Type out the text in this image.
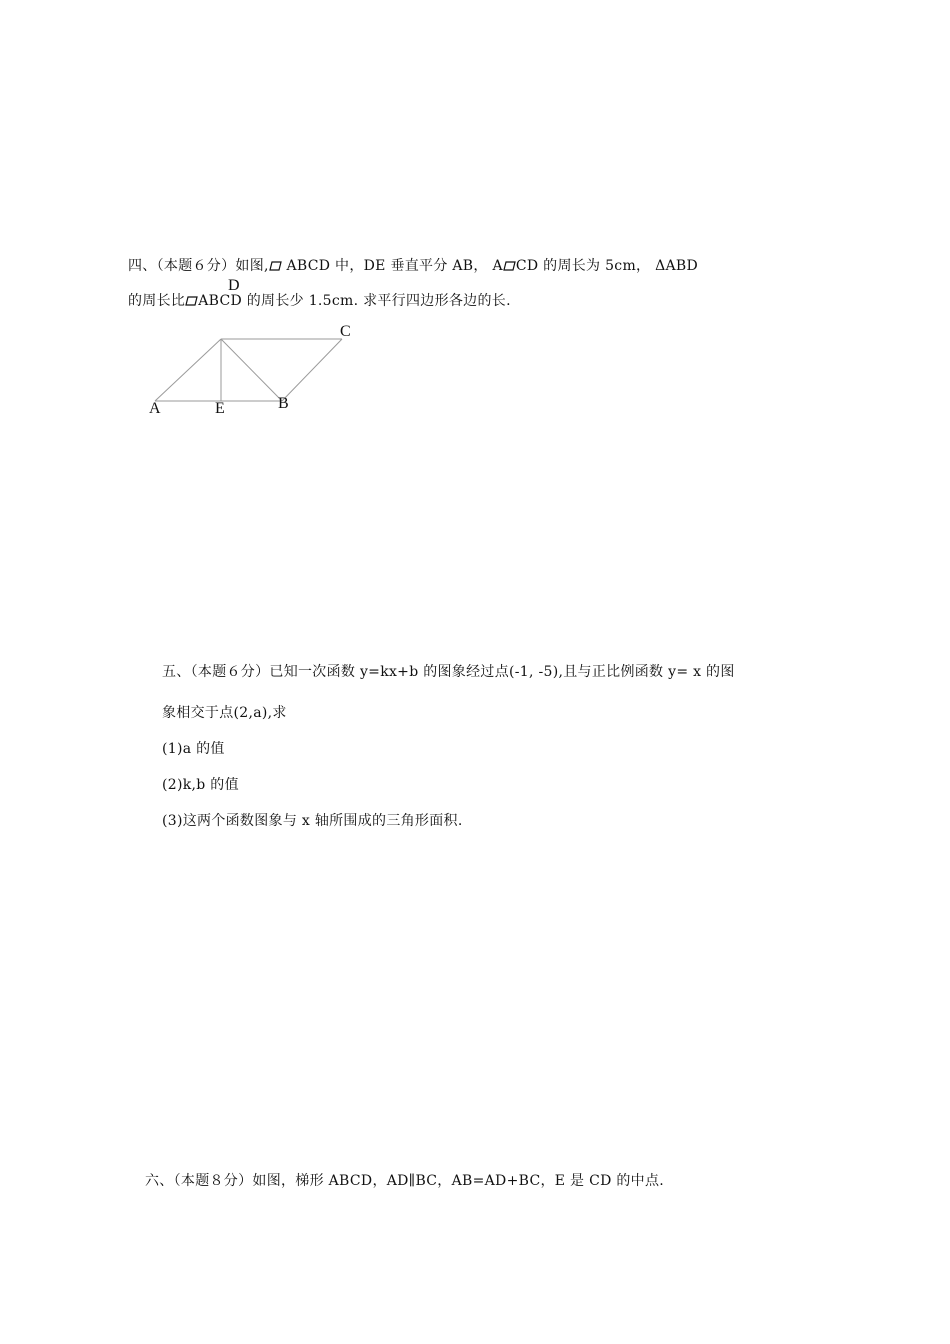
四、（本题６分）如图, ABCD 中，DE 垂直平分 AB， A CD 的周长为 5cm， ΔABD
D
的周长比 ABCD 的周长少 1.5cm. 求平行四边形各边的长.
A	E	B
C
五、（本题６分）已知一次函数 y=kx+b 的图象经过点(-1, -5),且与正比例函数 y= x 的图
象相交于点(2,a),求
(1)a 的值
(2)k,b 的值
(3)这两个函数图象与 x 轴所围成的三角形面积.
六、（本题８分）如图，梯形 ABCD，AD∥BC，AB=AD+BC，E 是 CD 的中点.
